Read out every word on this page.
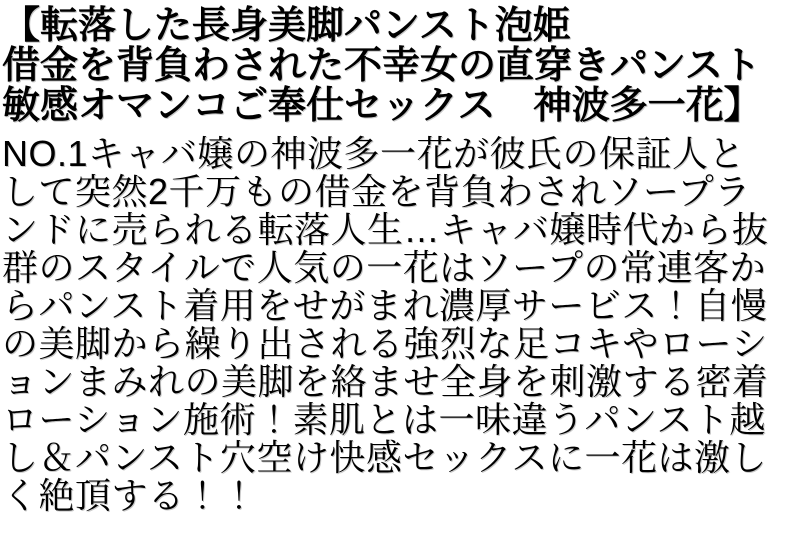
【転落した長身美脚パンスト泡姫
借金を背負わされた不幸女の直穿きパンスト
敏感オマンコご奉仕セックス　神波多一花】
NO.1キャバ嬢の神波多一花が彼氏の保証人と
して突然2千万もの借金を背負わされソープラ
ンドに売られる転落人生…キャバ嬢時代から抜
群のスタイルで人気の一花はソープの常連客か
らパンスト着用をせがまれ濃厚サービス！自慢
の美脚から繰り出される強烈な足コキやローシ
ョンまみれの美脚を絡ませ全身を刺激する密着
ローション施術！素肌とは一味違うパンスト越
し＆パンスト穴空け快感セックスに一花は激し
く絶頂する！！
